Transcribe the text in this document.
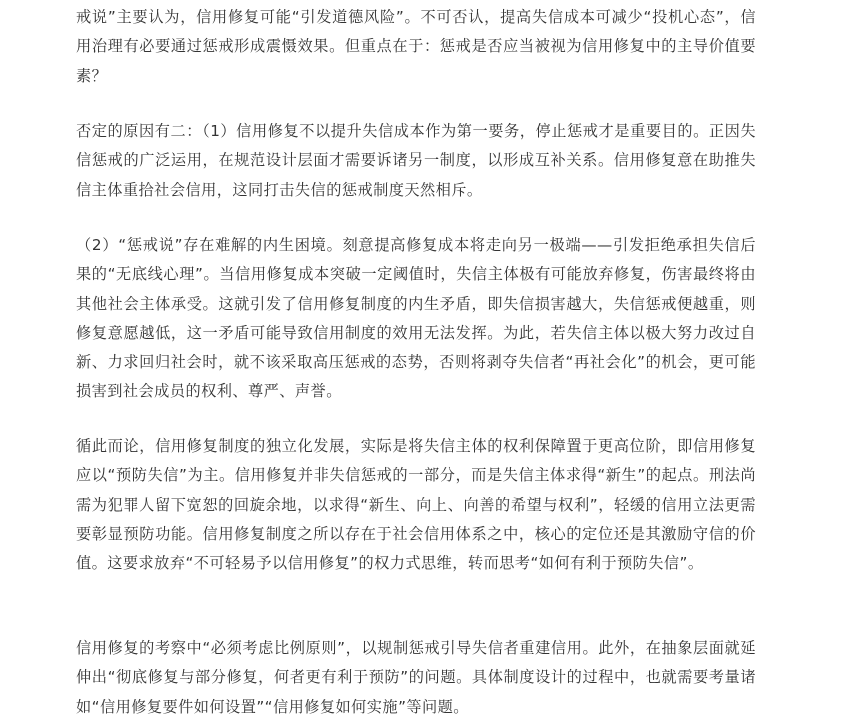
戒说”主要认为，信用修复可能“引发道德风险”。不可否认，提高失信成本可减少“投机心态”，信用治理有必要通过惩戒形成震慑效果。但重点在于：惩戒是否应当被视为信用修复中的主导价值要素？

否定的原因有二：（1）信用修复不以提升失信成本作为第一要务，停止惩戒才是重要目的。正因失信惩戒的广泛运用，在规范设计层面才需要诉诸另一制度，以形成互补关系。信用修复意在助推失信主体重拾社会信用，这同打击失信的惩戒制度天然相斥。

（2）“惩戒说”存在难解的内生困境。刻意提高修复成本将走向另一极端——引发拒绝承担失信后果的“无底线心理”。当信用修复成本突破一定阈值时，失信主体极有可能放弃修复，伤害最终将由其他社会主体承受。这就引发了信用修复制度的内生矛盾，即失信损害越大，失信惩戒便越重，则修复意愿越低，这一矛盾可能导致信用制度的效用无法发挥。为此，若失信主体以极大努力改过自新、力求回归社会时，就不该采取高压惩戒的态势，否则将剥夺失信者“再社会化”的机会，更可能损害到社会成员的权利、尊严、声誉。

循此而论，信用修复制度的独立化发展，实际是将失信主体的权利保障置于更高位阶，即信用修复应以“预防失信”为主。信用修复并非失信惩戒的一部分，而是失信主体求得“新生”的起点。刑法尚需为犯罪人留下宽恕的回旋余地，以求得“新生、向上、向善的希望与权利”，轻缓的信用立法更需要彰显预防功能。信用修复制度之所以存在于社会信用体系之中，核心的定位还是其激励守信的价值。这要求放弃“不可轻易予以信用修复”的权力式思维，转而思考“如何有利于预防失信”。

信用修复的考察中“必须考虑比例原则”，以规制惩戒引导失信者重建信用。此外，在抽象层面就延伸出“彻底修复与部分修复，何者更有利于预防”的问题。具体制度设计的过程中，也就需要考量诸如“信用修复要件如何设置”“信用修复如何实施”等问题。
